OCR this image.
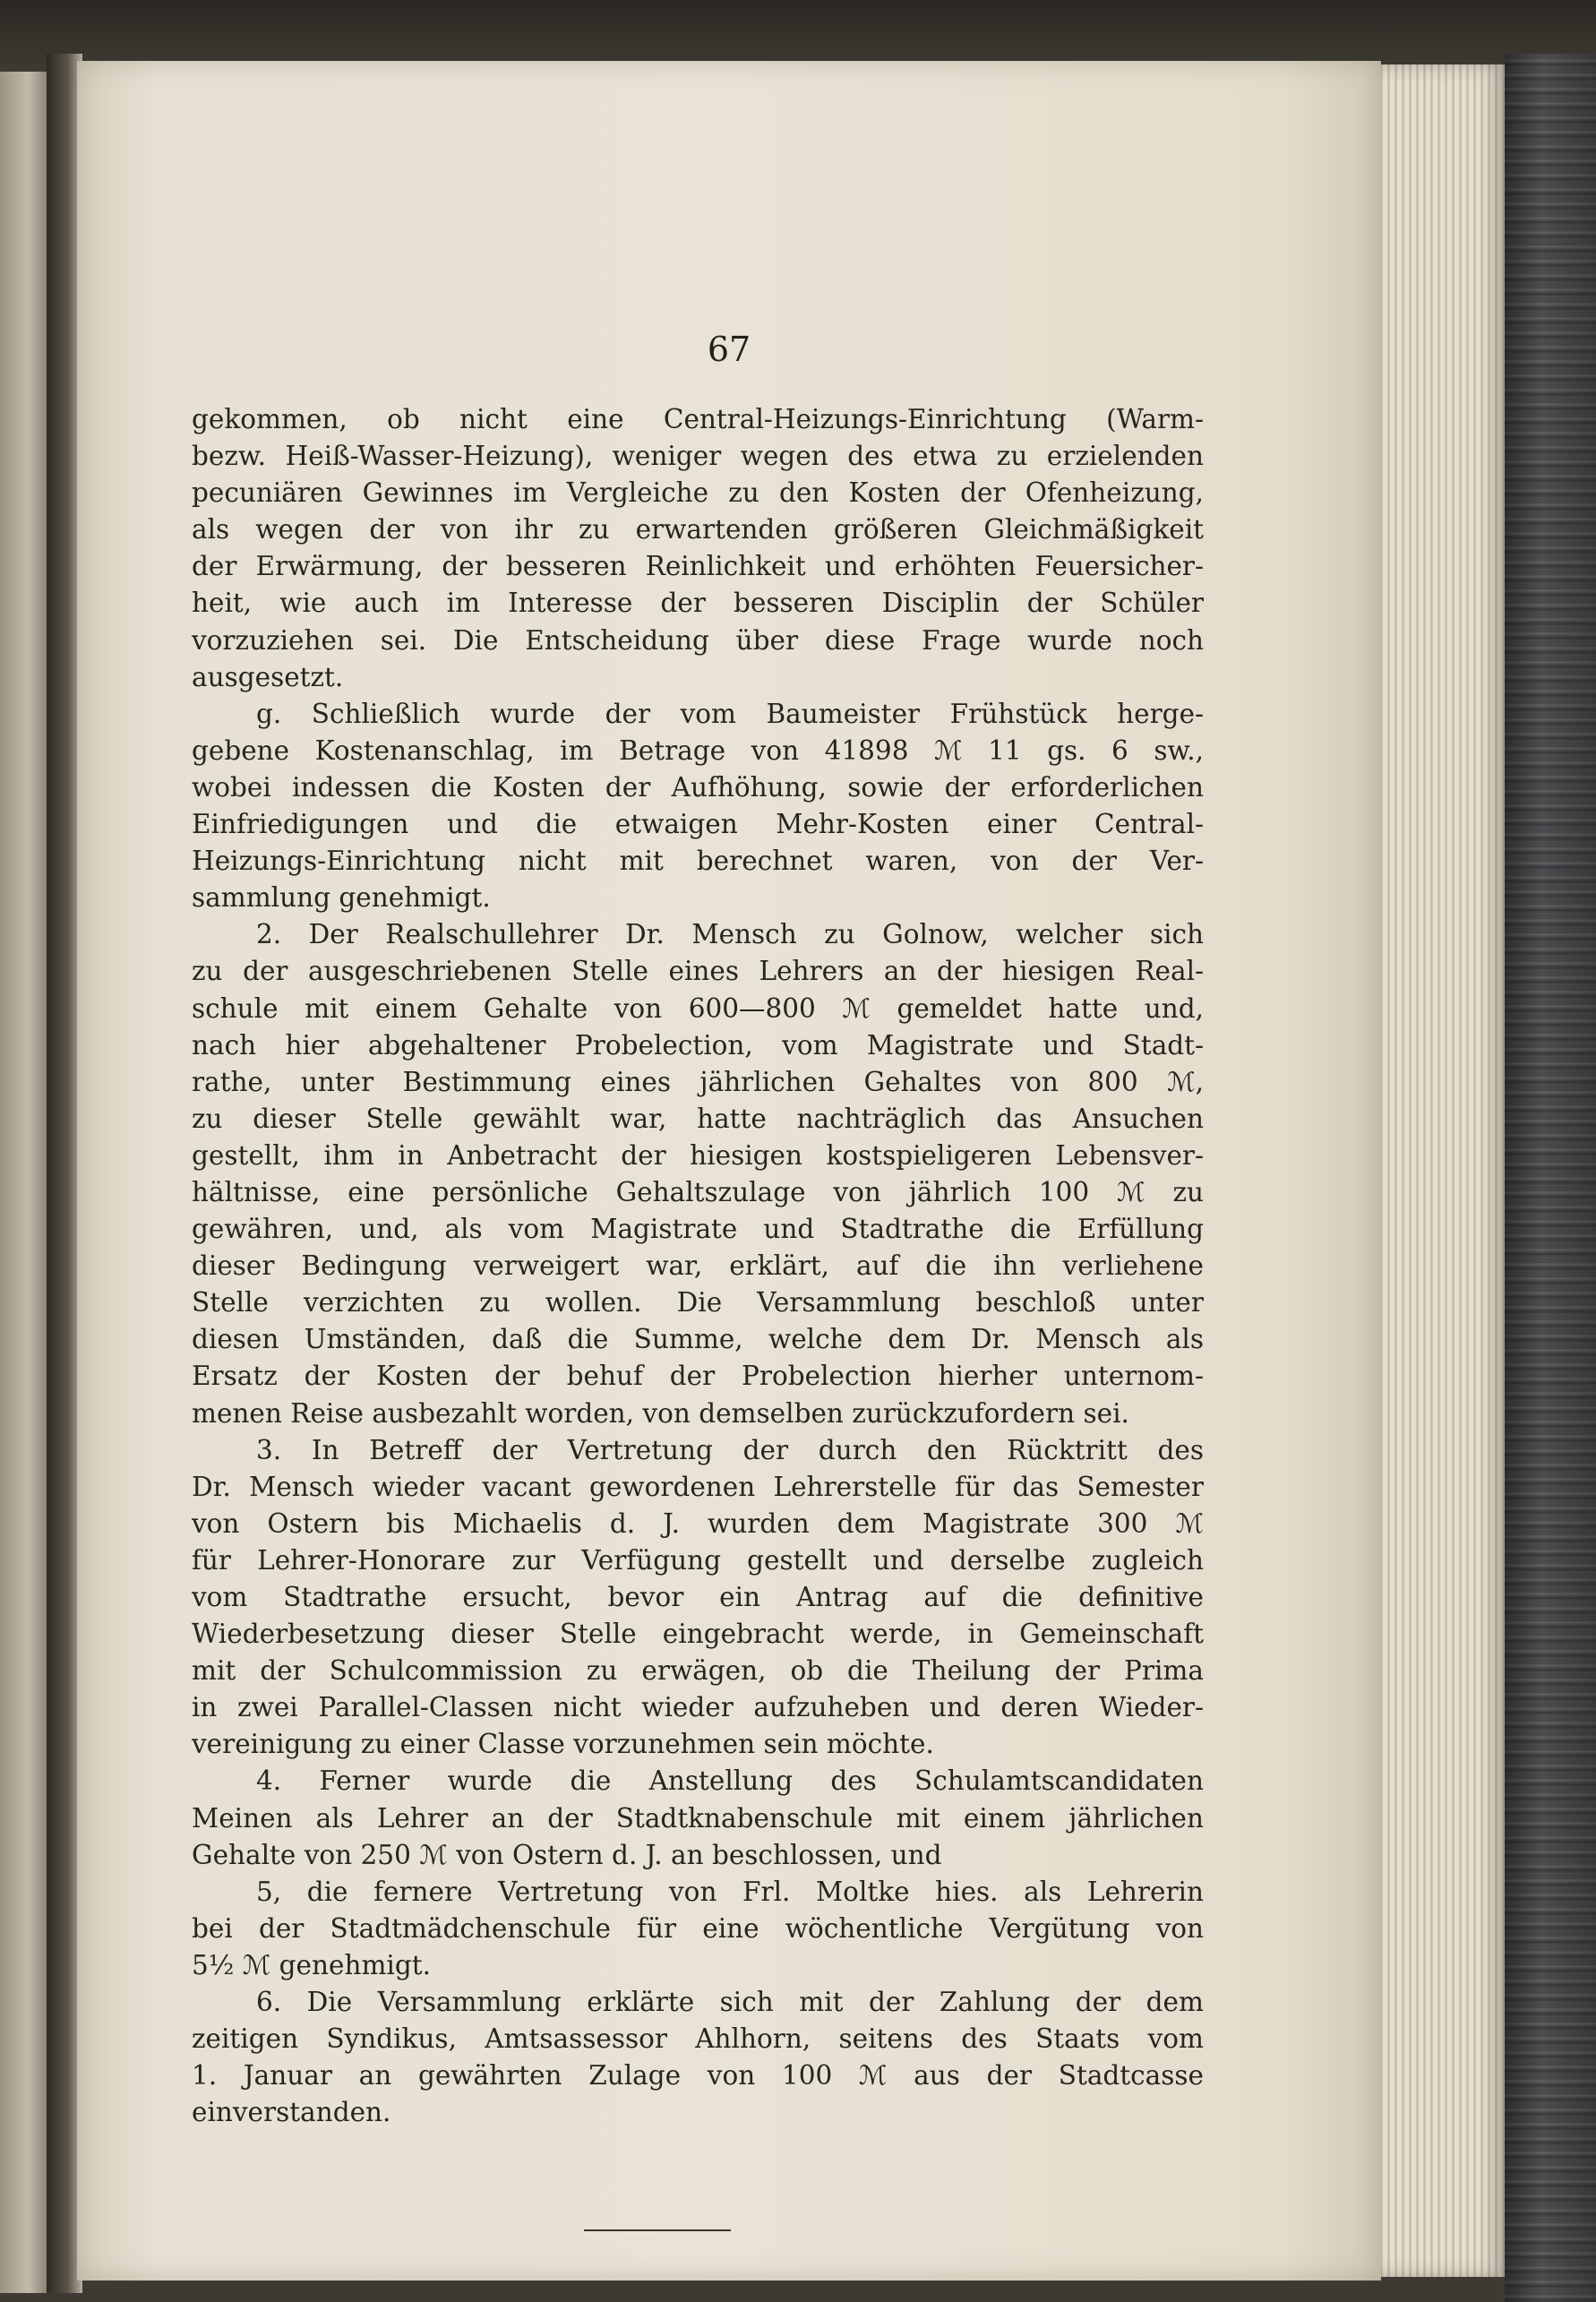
67
gekommen, ob nicht eine Central-Heizungs-Einrichtung (Warm-
bezw. Heiß-Wasser-Heizung), weniger wegen des etwa zu erzielenden
pecuniären Gewinnes im Vergleiche zu den Kosten der Ofenheizung,
als wegen der von ihr zu erwartenden größeren Gleichmäßigkeit
der Erwärmung, der besseren Reinlichkeit und erhöhten Feuersicher-
heit, wie auch im Interesse der besseren Disciplin der Schüler
vorzuziehen sei. Die Entscheidung über diese Frage wurde noch
ausgesetzt.
g. Schließlich wurde der vom Baumeister Frühstück herge-
gebene Kostenanschlag, im Betrage von 41898 ℳ 11 gs. 6 sw.,
wobei indessen die Kosten der Aufhöhung, sowie der erforderlichen
Einfriedigungen und die etwaigen Mehr-Kosten einer Central-
Heizungs-Einrichtung nicht mit berechnet waren, von der Ver-
sammlung genehmigt.
2. Der Realschullehrer Dr. Mensch zu Golnow, welcher sich
zu der ausgeschriebenen Stelle eines Lehrers an der hiesigen Real-
schule mit einem Gehalte von 600—800 ℳ gemeldet hatte und,
nach hier abgehaltener Probelection, vom Magistrate und Stadt-
rathe, unter Bestimmung eines jährlichen Gehaltes von 800 ℳ,
zu dieser Stelle gewählt war, hatte nachträglich das Ansuchen
gestellt, ihm in Anbetracht der hiesigen kostspieligeren Lebensver-
hältnisse, eine persönliche Gehaltszulage von jährlich 100 ℳ zu
gewähren, und, als vom Magistrate und Stadtrathe die Erfüllung
dieser Bedingung verweigert war, erklärt, auf die ihn verliehene
Stelle verzichten zu wollen. Die Versammlung beschloß unter
diesen Umständen, daß die Summe, welche dem Dr. Mensch als
Ersatz der Kosten der behuf der Probelection hierher unternom-
menen Reise ausbezahlt worden, von demselben zurückzufordern sei.
3. In Betreff der Vertretung der durch den Rücktritt des
Dr. Mensch wieder vacant gewordenen Lehrerstelle für das Semester
von Ostern bis Michaelis d. J. wurden dem Magistrate 300 ℳ
für Lehrer-Honorare zur Verfügung gestellt und derselbe zugleich
vom Stadtrathe ersucht, bevor ein Antrag auf die definitive
Wiederbesetzung dieser Stelle eingebracht werde, in Gemeinschaft
mit der Schulcommission zu erwägen, ob die Theilung der Prima
in zwei Parallel-Classen nicht wieder aufzuheben und deren Wieder-
vereinigung zu einer Classe vorzunehmen sein möchte.
4. Ferner wurde die Anstellung des Schulamtscandidaten
Meinen als Lehrer an der Stadtknabenschule mit einem jährlichen
Gehalte von 250 ℳ von Ostern d. J. an beschlossen, und
5, die fernere Vertretung von Frl. Moltke hies. als Lehrerin
bei der Stadtmädchenschule für eine wöchentliche Vergütung von
5½ ℳ genehmigt.
6. Die Versammlung erklärte sich mit der Zahlung der dem
zeitigen Syndikus, Amtsassessor Ahlhorn, seitens des Staats vom
1. Januar an gewährten Zulage von 100 ℳ aus der Stadtcasse
einverstanden.
